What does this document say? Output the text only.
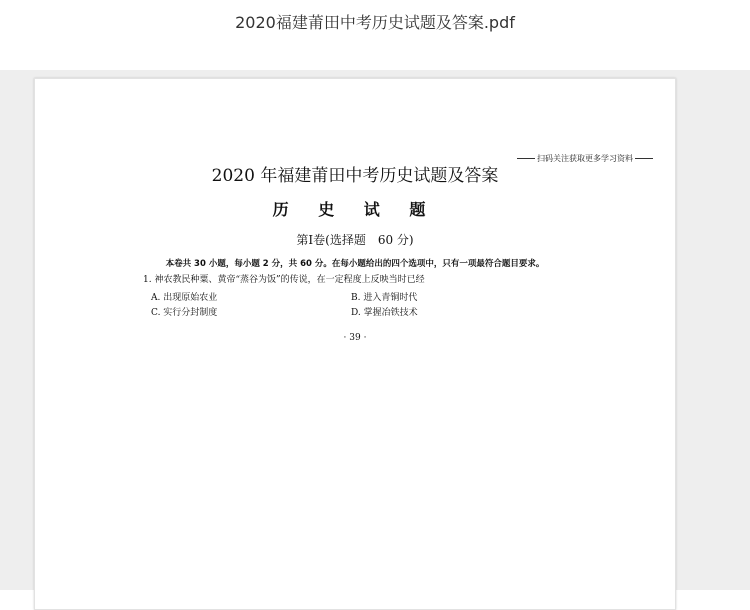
2020福建莆田中考历史试题及答案.pdf
扫码关注获取更多学习资料
2020 年福建莆田中考历史试题及答案
历 史 试 题
第Ⅰ卷(选择题　60 分)
本卷共 30 小题，每小题 2 分，共 60 分。在每小题给出的四个选项中，只有一项最符合题目要求。
1. 神农教民种粟、黄帝“蒸谷为饭”的传说，在一定程度上反映当时已经
A. 出现原始农业	B. 进入青铜时代
C. 实行分封制度	D. 掌握冶铁技术
· 39 ·
